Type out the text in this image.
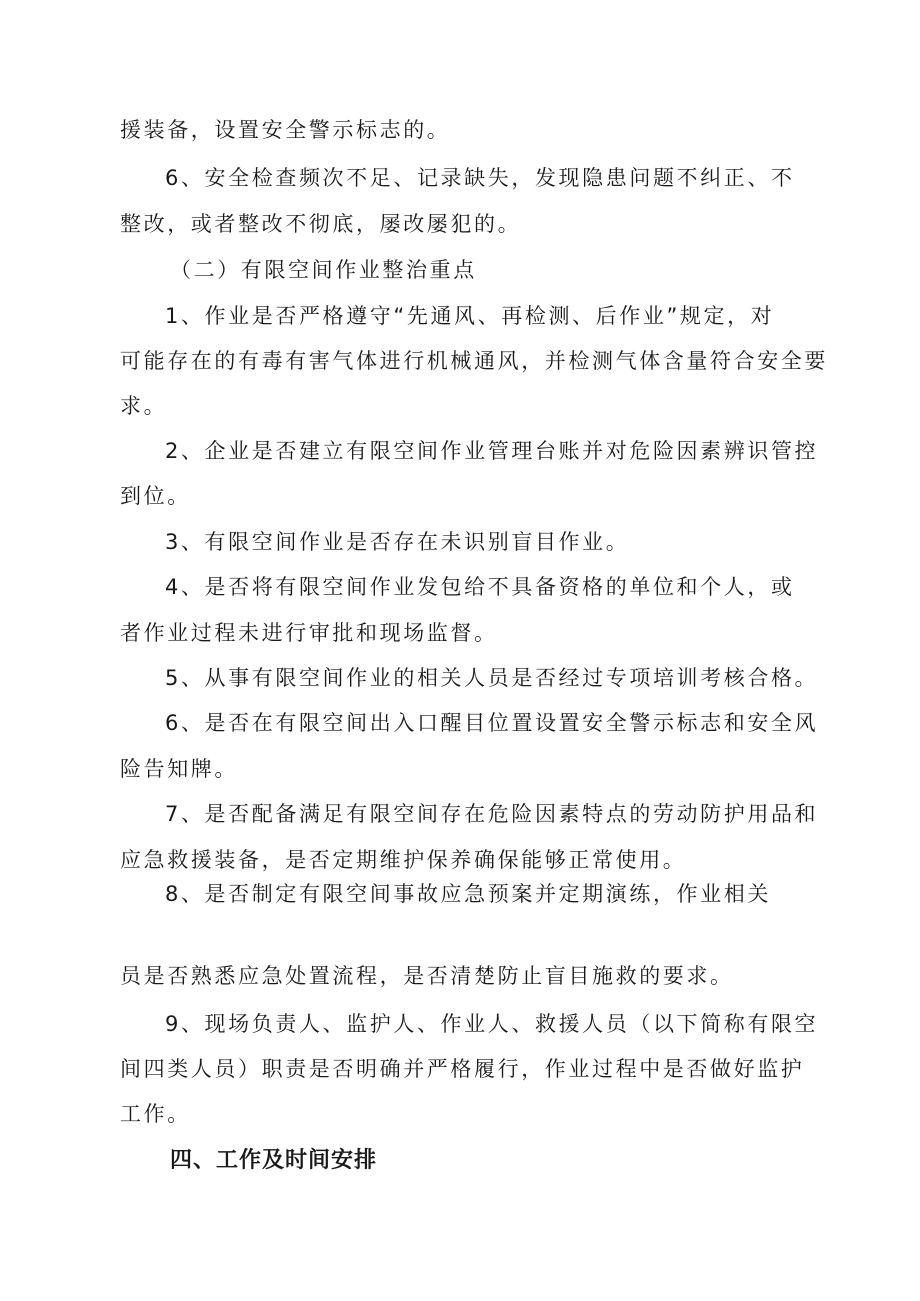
援装备，设置安全警示标志的。
6、安全检查频次不足、记录缺失，发现隐患问题不纠正、不
整改，或者整改不彻底，屡改屡犯的。
（二）有限空间作业整治重点
1、作业是否严格遵守“先通风、再检测、后作业”规定，对
可能存在的有毒有害气体进行机械通风，并检测气体含量符合安全要
求。
2、企业是否建立有限空间作业管理台账并对危险因素辨识管控
到位。
3、有限空间作业是否存在未识别盲目作业。
4、是否将有限空间作业发包给不具备资格的单位和个人，或
者作业过程未进行审批和现场监督。
5、从事有限空间作业的相关人员是否经过专项培训考核合格。
6、是否在有限空间出入口醒目位置设置安全警示标志和安全风
险告知牌。
7、是否配备满足有限空间存在危险因素特点的劳动防护用品和
应急救援装备，是否定期维护保养确保能够正常使用。
8、是否制定有限空间事故应急预案并定期演练，作业相关
员是否熟悉应急处置流程，是否清楚防止盲目施救的要求。
9、现场负责人、监护人、作业人、救援人员（以下简称有限空
间四类人员）职责是否明确并严格履行，作业过程中是否做好监护
工作。
四、工作及时间安排
